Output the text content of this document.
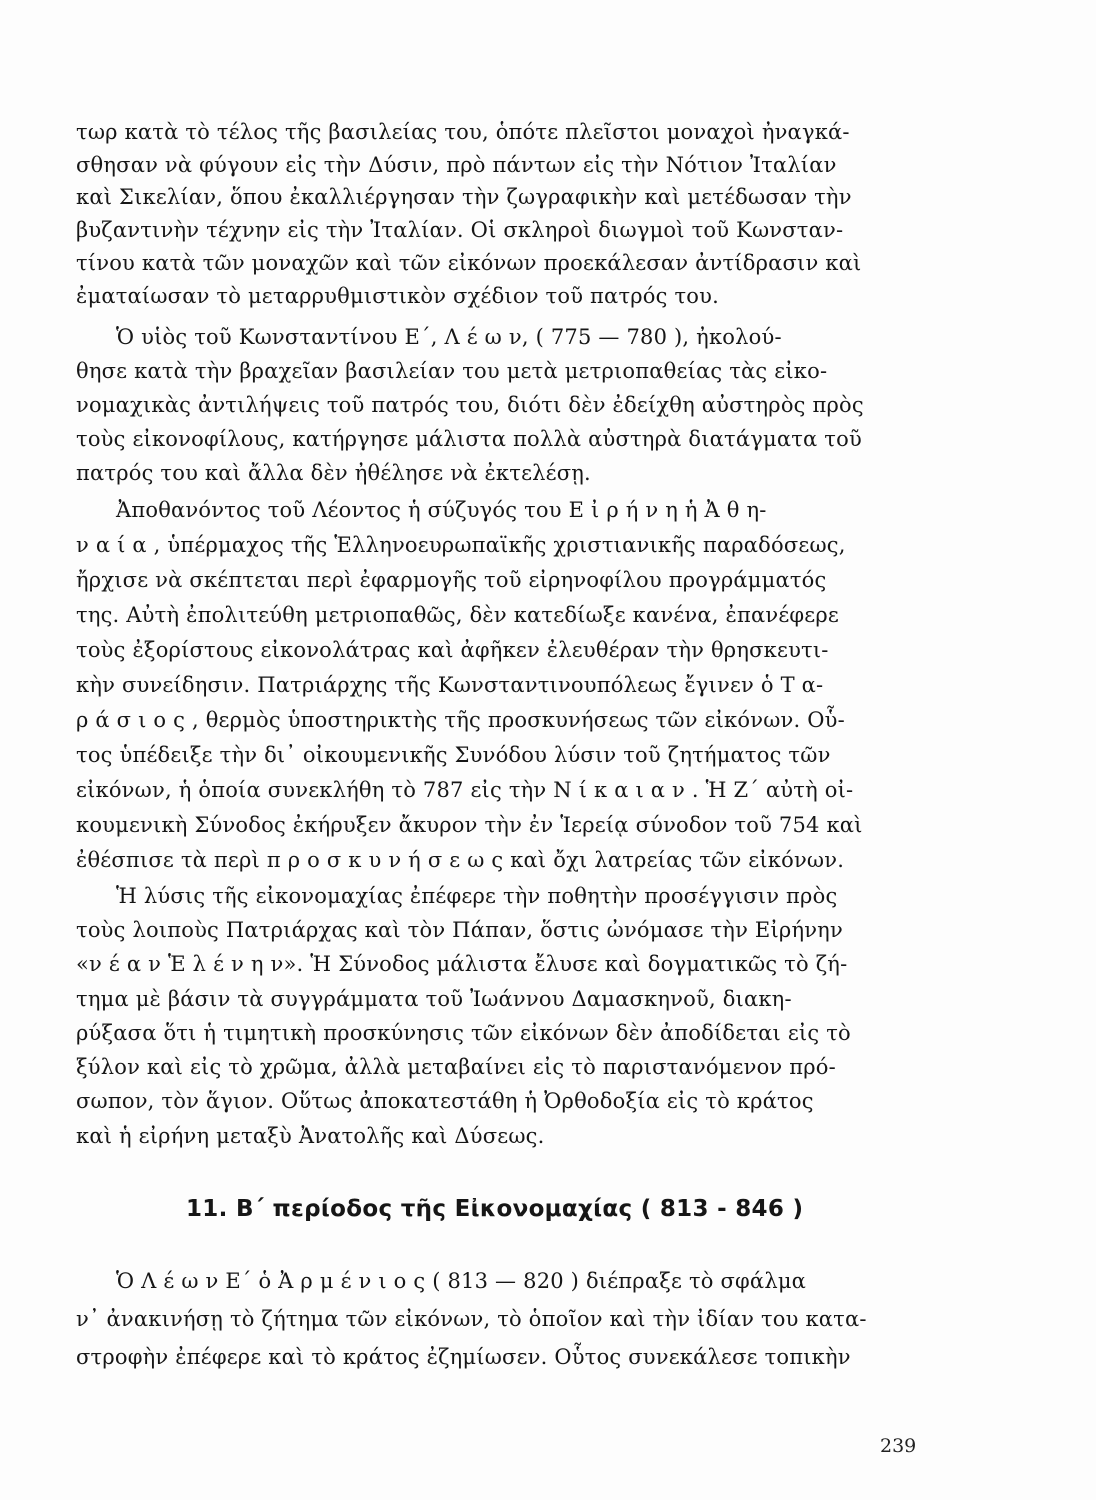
τωρ κατὰ τὸ τέλος τῆς βασιλείας του, ὁπότε πλεῖστοι μοναχοὶ ἠναγκά-
σθησαν νὰ φύγουν εἰς τὴν Δύσιν, πρὸ πάντων εἰς τὴν Νότιον Ἰταλίαν
καὶ Σικελίαν, ὅπου ἐκαλλιέργησαν τὴν ζωγραφικὴν καὶ μετέδωσαν τὴν
βυζαντινὴν τέχνην εἰς τὴν Ἰταλίαν. Οἱ σκληροὶ διωγμοὶ τοῦ Κωνσταν-
τίνου κατὰ τῶν μοναχῶν καὶ τῶν εἰκόνων προεκάλεσαν ἀντίδρασιν καὶ
ἐματαίωσαν τὸ μεταρρυθμιστικὸν σχέδιον τοῦ πατρός του.
Ὁ υἱὸς τοῦ Κωνσταντίνου Ε΄, Λ έ ω ν, ( 775 — 780 ), ἠκολού-
θησε κατὰ τὴν βραχεῖαν βασιλείαν του μετὰ μετριοπαθείας τὰς εἰκο-
νομαχικὰς ἀντιλήψεις τοῦ πατρός του, διότι δὲν ἐδείχθη αὐστηρὸς πρὸς
τοὺς εἰκονοφίλους, κατήργησε μάλιστα πολλὰ αὐστηρὰ διατάγματα τοῦ
πατρός του καὶ ἄλλα δὲν ἠθέλησε νὰ ἐκτελέσῃ.
Ἀποθανόντος τοῦ Λέοντος ἡ σύζυγός του Ε ἰ ρ ή ν η ἡ Ἀ θ η-
ν α ί α , ὑπέρμαχος τῆς Ἑλληνοευρωπαϊκῆς χριστιανικῆς παραδόσεως,
ἤρχισε νὰ σκέπτεται περὶ ἐφαρμογῆς τοῦ εἰρηνοφίλου προγράμματός
της. Αὐτὴ ἐπολιτεύθη μετριοπαθῶς, δὲν κατεδίωξε κανένα, ἐπανέφερε
τοὺς ἐξορίστους εἰκονολάτρας καὶ ἀφῆκεν ἐλευθέραν τὴν θρησκευτι-
κὴν συνείδησιν. Πατριάρχης τῆς Κωνσταντινουπόλεως ἔγινεν ὁ Τ α-
ρ ά σ ι ο ς , θερμὸς ὑποστηρικτὴς τῆς προσκυνήσεως τῶν εἰκόνων. Οὗ-
τος ὑπέδειξε τὴν δι᾿ οἰκουμενικῆς Συνόδου λύσιν τοῦ ζητήματος τῶν
εἰκόνων, ἡ ὁποία συνεκλήθη τὸ 787 εἰς τὴν Ν ί κ α ι α ν . Ἡ Ζ΄ αὐτὴ οἰ-
κουμενικὴ Σύνοδος ἐκήρυξεν ἄκυρον τὴν ἐν Ἱερείᾳ σύνοδον τοῦ 754 καὶ
ἐθέσπισε τὰ περὶ π ρ ο σ κ υ ν ή σ ε ω ς καὶ ὄχι λατρείας τῶν εἰκόνων.
Ἡ λύσις τῆς εἰκονομαχίας ἐπέφερε τὴν ποθητὴν προσέγγισιν πρὸς
τοὺς λοιποὺς Πατριάρχας καὶ τὸν Πάπαν, ὅστις ὠνόμασε τὴν Εἰρήνην
«ν έ α ν Ἑ λ έ ν η ν». Ἡ Σύνοδος μάλιστα ἔλυσε καὶ δογματικῶς τὸ ζή-
τημα μὲ βάσιν τὰ συγγράμματα τοῦ Ἰωάννου Δαμασκηνοῦ, διακη-
ρύξασα ὅτι ἡ τιμητικὴ προσκύνησις τῶν εἰκόνων δὲν ἀποδίδεται εἰς τὸ
ξύλον καὶ εἰς τὸ χρῶμα, ἀλλὰ μεταβαίνει εἰς τὸ παριστανόμενον πρό-
σωπον, τὸν ἅγιον. Οὕτως ἀποκατεστάθη ἡ Ὀρθοδοξία εἰς τὸ κράτος
καὶ ἡ εἰρήνη μεταξὺ Ἀνατολῆς καὶ Δύσεως.
11. Β΄ περίοδος τῆς Εἰκονομαχίας ( 813 - 846 )
Ὁ Λ έ ω ν Ε΄ ὁ Ἀ ρ μ έ ν ι ο ς ( 813 — 820 ) διέπραξε τὸ σφάλμα
ν᾿ ἀνακινήσῃ τὸ ζήτημα τῶν εἰκόνων, τὸ ὁποῖον καὶ τὴν ἰδίαν του κατα-
στροφὴν ἐπέφερε καὶ τὸ κράτος ἐζημίωσεν. Οὗτος συνεκάλεσε τοπικὴν
239
